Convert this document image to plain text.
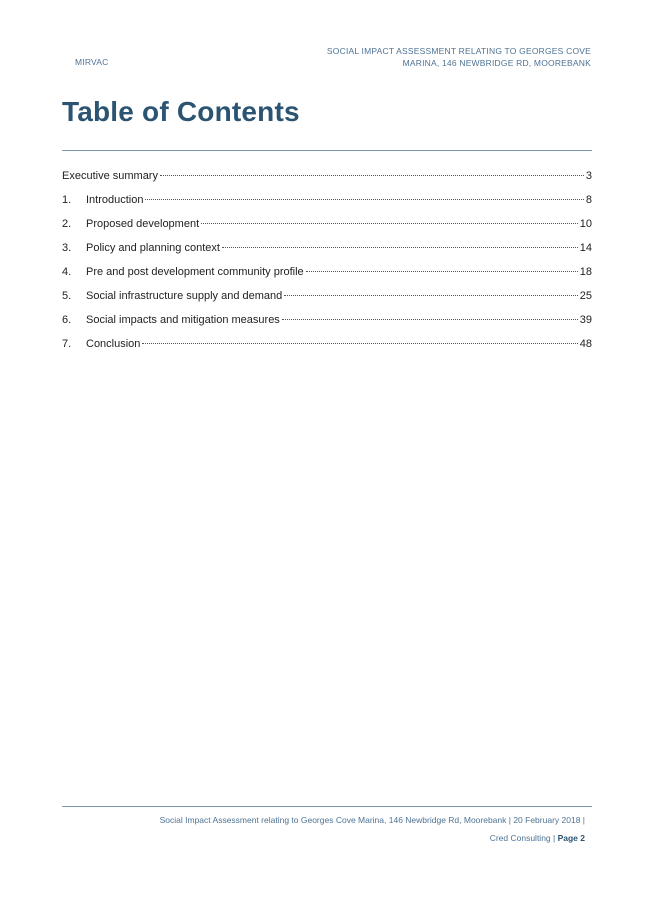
MIRVAC
SOCIAL IMPACT ASSESSMENT RELATING TO GEORGES COVE
MARINA, 146 NEWBRIDGE RD, MOOREBANK
Table of Contents
Executive summary	3
1.	Introduction	8
2.	Proposed development	10
3.	Policy and planning context	14
4.	Pre and post development community profile	18
5.	Social infrastructure supply and demand	25
6.	Social impacts and mitigation measures	39
7.	Conclusion	48
Social Impact Assessment relating to Georges Cove Marina, 146 Newbridge Rd, Moorebank | 20 February 2018 |
Cred Consulting | Page 2
